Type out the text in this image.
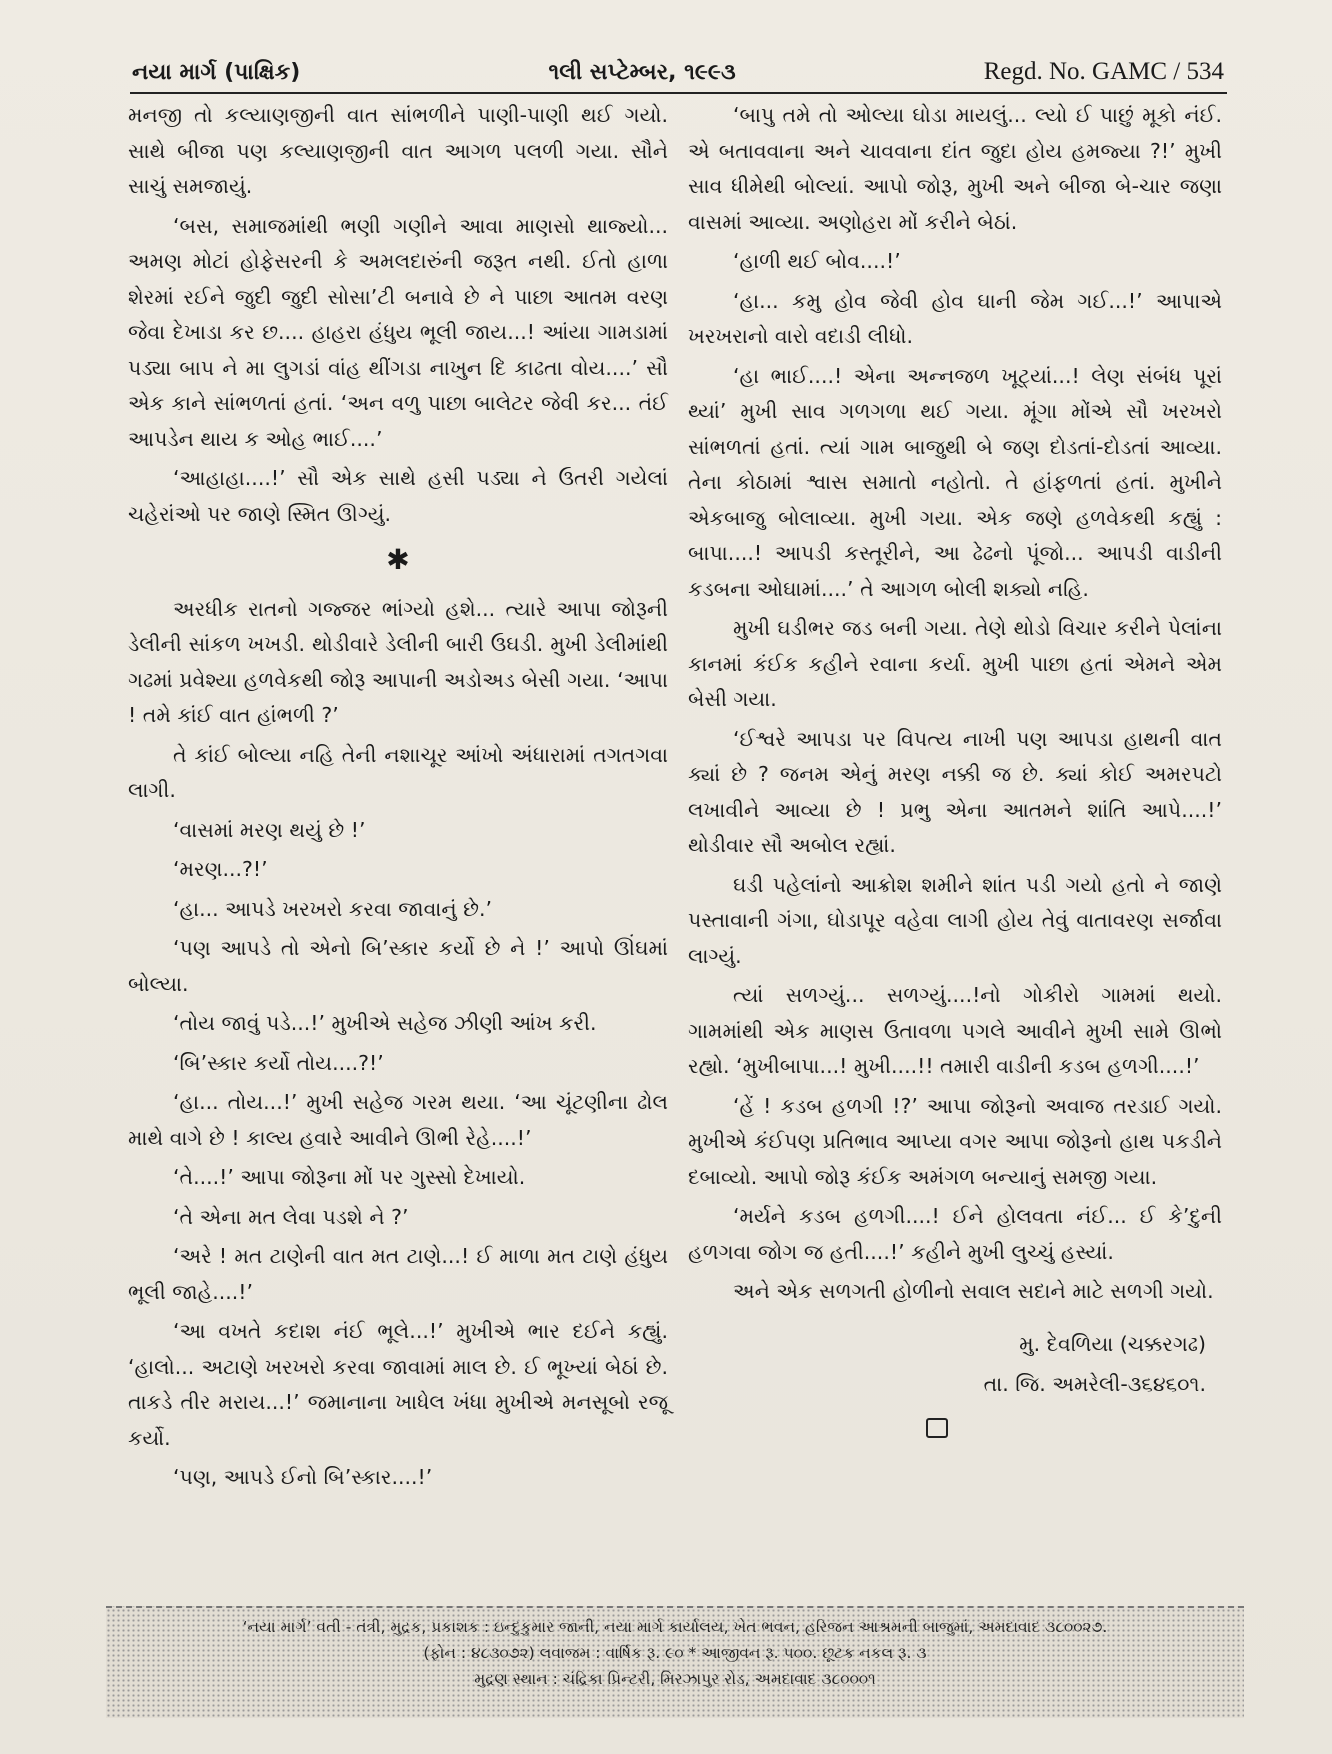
નયા માર્ગ (પાક્ષિક)	૧લી સપ્ટેમ્બર, ૧૯૯૩	Regd. No. GAMC / 534

મનજી તો કલ્યાણજીની વાત સાંભળીને પાણી-પાણી થઈ ગયો. સાથે બીજા પણ કલ્યાણજીની વાત આગળ પલળી ગયા. સૌને સાચું સમજાયું.

‘બસ, સમાજમાંથી ભણી ગણીને આવા માણસો થાજ્યો... અમણ મોટાં હોફેસરની કે અમલદારુંની જરૂત નથી. ઈતો હાળા શેરમાં રઈને જુદી જુદી સોસા’ટી બનાવે છે ને પાછા આતમ વરણ જેવા દેખાડા કર છ.... હાહરા હંધુય ભૂલી જાય...! આંયા ગામડામાં પડ્યા બાપ ને મા લુગડાં વાંહ થીંગડા નાખુન દિ કાઢતા વોય....’ સૌ એક કાને સાંભળતાં હતાં. ‘અન વળુ પાછા બાલેટર જેવી કર... તંઈ આપડેન થાય ક ઓહ ભાઈ....’

‘આહાહા....!’ સૌ એક સાથે હસી પડ્યા ને ઉતરી ગયેલાં ચહેરાંઓ પર જાણે સ્મિત ઊગ્યું.

✱

અરધીક રાતનો ગજ્જર ભાંગ્યો હશે... ત્યારે આપા જોરૂની ડેલીની સાંકળ ખખડી. થોડીવારે ડેલીની બારી ઉઘડી. મુખી ડેલીમાંથી ગઢમાં પ્રવેશ્યા હળવેકથી જોરૂ આપાની અડોઅડ બેસી ગયા. ‘આપા ! તમે કાંઈ વાત હાંભળી ?’

તે કાંઈ બોલ્યા નહિ તેની નશાચૂર આંખો અંધારામાં તગતગવા લાગી.

‘વાસમાં મરણ થયું છે !’

‘મરણ...?!’

‘હા... આપડે ખરખરો કરવા જાવાનું છે.’

‘પણ આપડે તો એનો બિ’સ્કાર કર્યો છે ને !’ આપો ઊંઘમાં બોલ્યા.

‘તોય જાવું પડે...!’ મુખીએ સહેજ ઝીણી આંખ કરી.

‘બિ’સ્કાર કર્યો તોય....?!’

‘હા... તોય...!’ મુખી સહેજ ગરમ થયા. ‘આ ચૂંટણીના ઢોલ માથે વાગે છે ! કાલ્ય હવારે આવીને ઊભી રેહે....!’

‘તે....!’ આપા જોરૂના મોં પર ગુસ્સો દેખાયો.

‘તે એના મત લેવા પડશે ને ?’

‘અરે ! મત ટાણેની વાત મત ટાણે...! ઈ માળા મત ટાણે હંધુય ભૂલી જાહે....!’

‘આ વખતે કદાશ નંઈ ભૂલે...!’ મુખીએ ભાર દઈને કહ્યું. ‘હાલો... અટાણે ખરખરો કરવા જાવામાં માલ છે. ઈ ભૂખ્યાં બેઠાં છે. તાકડે તીર મરાય...!’ જમાનાના ખાધેલ ખંધા મુખીએ મનસૂબો રજૂ કર્યો.

‘પણ, આપડે ઈનો બિ’સ્કાર....!’

‘બાપુ તમે તો ઓલ્યા ઘોડા માયલું... લ્યો ઈ પાછું મૂકો નંઈ. એ બતાવવાના અને ચાવવાના દાંત જુદા હોય હમજ્યા ?!’ મુખી સાવ ધીમેથી બોલ્યાં. આપો જોરૂ, મુખી અને બીજા બે-ચાર જણા વાસમાં આવ્યા. અણોહરા મોં કરીને બેઠાં.

‘હાળી થઈ બોવ....!’

‘હા... કમુ હોવ જેવી હોવ ઘાની જેમ ગઈ...!’ આપાએ ખરખરાનો વારો વદાડી લીધો.

‘હા ભાઈ....! એના અન્નજળ ખૂટ્યાં...! લેણ સંબંધ પૂરાં થ્યાં’ મુખી સાવ ગળગળા થઈ ગયા. મૂંગા મોંએ સૌ ખરખરો સાંભળતાં હતાં. ત્યાં ગામ બાજુથી બે જણ દોડતાં-દોડતાં આવ્યા. તેના કોઠામાં શ્વાસ સમાતો નહોતો. તે હાંફળતાં હતાં. મુખીને એકબાજુ બોલાવ્યા. મુખી ગયા. એક જણે હળવેકથી કહ્યું : બાપા....! આપડી કસ્તૂરીને, આ ઢેઢનો પૂંજો... આપડી વાડીની કડબના ઓઘામાં....’ તે આગળ બોલી શક્યો નહિ.

મુખી ઘડીભર જડ બની ગયા. તેણે થોડો વિચાર કરીને પેલાંના કાનમાં કંઈક કહીને રવાના કર્યા. મુખી પાછા હતાં એમને એમ બેસી ગયા.

‘ઈશ્વરે આપડા પર વિપત્ય નાખી પણ આપડા હાથની વાત ક્યાં છે ? જનમ એનું મરણ નક્કી જ છે. ક્યાં કોઈ અમરપટો લખાવીને આવ્યા છે ! પ્રભુ એના આતમને શાંતિ આપે....!’ થોડીવાર સૌ અબોલ રહ્યાં.

ઘડી પહેલાંનો આક્રોશ શમીને શાંત પડી ગયો હતો ને જાણે પસ્તાવાની ગંગા, ઘોડાપૂર વહેવા લાગી હોય તેવું વાતાવરણ સર્જાવા લાગ્યું.

ત્યાં સળગ્યું... સળગ્યું....!નો ગોકીરો ગામમાં થયો. ગામમાંથી એક માણસ ઉતાવળા પગલે આવીને મુખી સામે ઊભો રહ્યો. ‘મુખીબાપા...! મુખી....!! તમારી વાડીની કડબ હળગી....!’

‘હેં ! કડબ હળગી !?’ આપા જોરૂનો અવાજ તરડાઈ ગયો. મુખીએ કંઈપણ પ્રતિભાવ આપ્યા વગર આપા જોરૂનો હાથ પકડીને દબાવ્યો. આપો જોરૂ કંઈક અમંગળ બન્યાનું સમજી ગયા.

‘મર્યને કડબ હળગી....! ઈને હોલવતા નંઈ... ઈ કે’દુની હળગવા જોગ જ હતી....!’ કહીને મુખી લુચ્ચું હસ્યાં.

અને એક સળગતી હોળીનો સવાલ સદાને માટે સળગી ગયો.

મુ. દેવળિયા (ચક્કરગઢ)
તા. જિ. અમરેલી-૩૬૪૬૦૧.
‘નયા માર્ગ’ વતી - તંત્રી, મુદ્રક, પ્રકાશક : ઇન્દુકુમાર જાની, નયા માર્ગ કાર્યાલય, ખેત ભવન, હરિજન આશ્રમની બાજુમાં, અમદાવાદ ૩૮૦૦૨૭.
(ફોન : ૪૮૩૦૭૨) લવાજમ : વાર્ષિક રૂ. ૯૦ * આજીવન રૂ. ૫૦૦. છૂટક નકલ રૂ. ૩
મુદ્રણ સ્થાન : ચંદ્રિકા પ્રિન્ટરી, મિરઝાપુર રોડ, અમદાવાદ ૩૮૦૦૦૧
